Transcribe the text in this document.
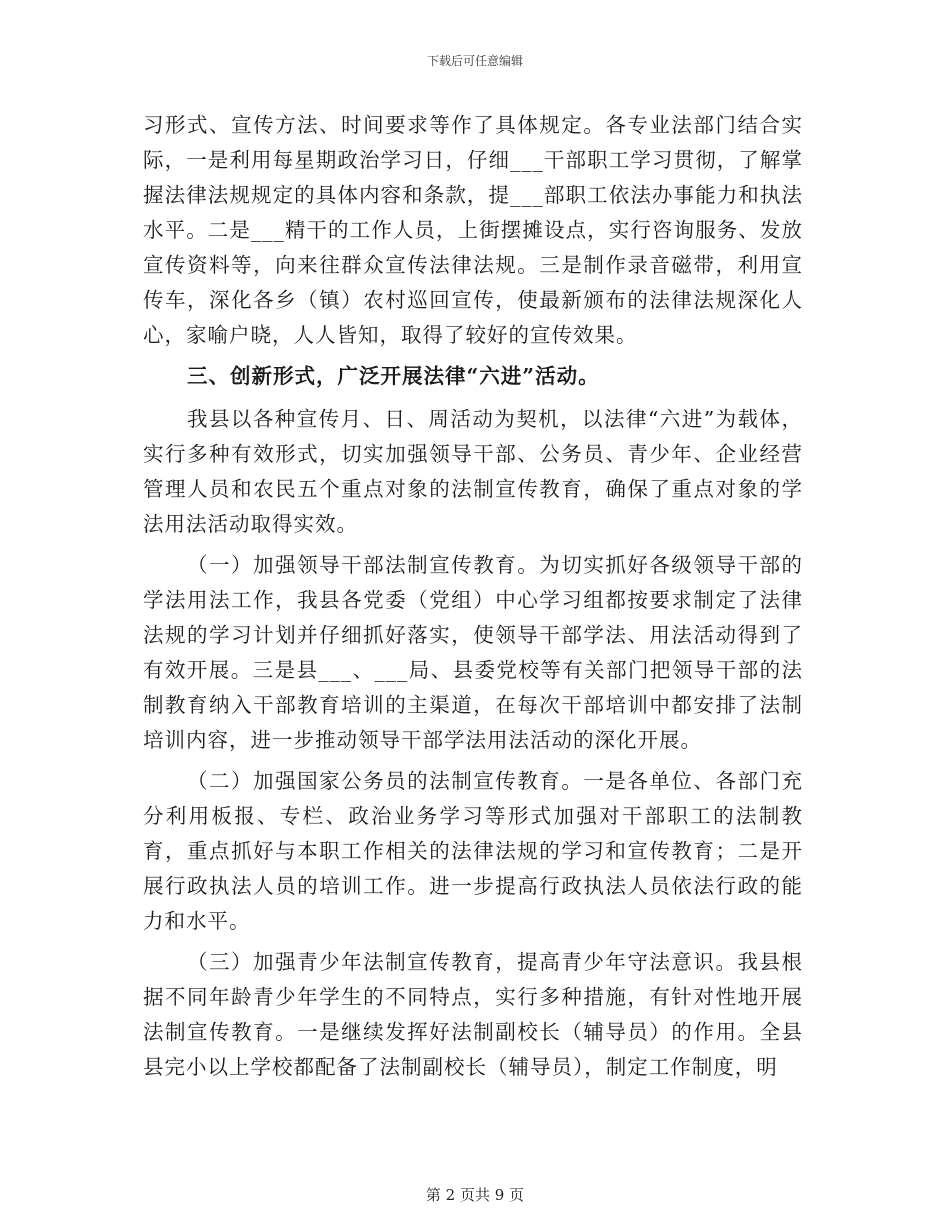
下载后可任意编辑

习形式、宣传方法、时间要求等作了具体规定。各专业法部门结合实际，一是利用每星期政治学习日，仔细___干部职工学习贯彻，了解掌握法律法规规定的具体内容和条款，提___部职工依法办事能力和执法水平。二是___精干的工作人员，上街摆摊设点，实行咨询服务、发放宣传资料等，向来往群众宣传法律法规。三是制作录音磁带，利用宣传车，深化各乡（镇）农村巡回宣传，使最新颁布的法律法规深化人心，家喻户晓，人人皆知，取得了较好的宣传效果。

三、创新形式，广泛开展法律“六进”活动。

我县以各种宣传月、日、周活动为契机，以法律“六进”为载体，实行多种有效形式，切实加强领导干部、公务员、青少年、企业经营管理人员和农民五个重点对象的法制宣传教育，确保了重点对象的学法用法活动取得实效。

（一）加强领导干部法制宣传教育。为切实抓好各级领导干部的学法用法工作，我县各党委（党组）中心学习组都按要求制定了法律法规的学习计划并仔细抓好落实，使领导干部学法、用法活动得到了有效开展。三是县___、___局、县委党校等有关部门把领导干部的法制教育纳入干部教育培训的主渠道，在每次干部培训中都安排了法制培训内容，进一步推动领导干部学法用法活动的深化开展。

（二）加强国家公务员的法制宣传教育。一是各单位、各部门充分利用板报、专栏、政治业务学习等形式加强对干部职工的法制教育，重点抓好与本职工作相关的法律法规的学习和宣传教育；二是开展行政执法人员的培训工作。进一步提高行政执法人员依法行政的能力和水平。

（三）加强青少年法制宣传教育，提高青少年守法意识。我县根据不同年龄青少年学生的不同特点，实行多种措施，有针对性地开展法制宣传教育。一是继续发挥好法制副校长（辅导员）的作用。全县县完小以上学校都配备了法制副校长（辅导员），制定工作制度，明

第 2 页共 9 页
